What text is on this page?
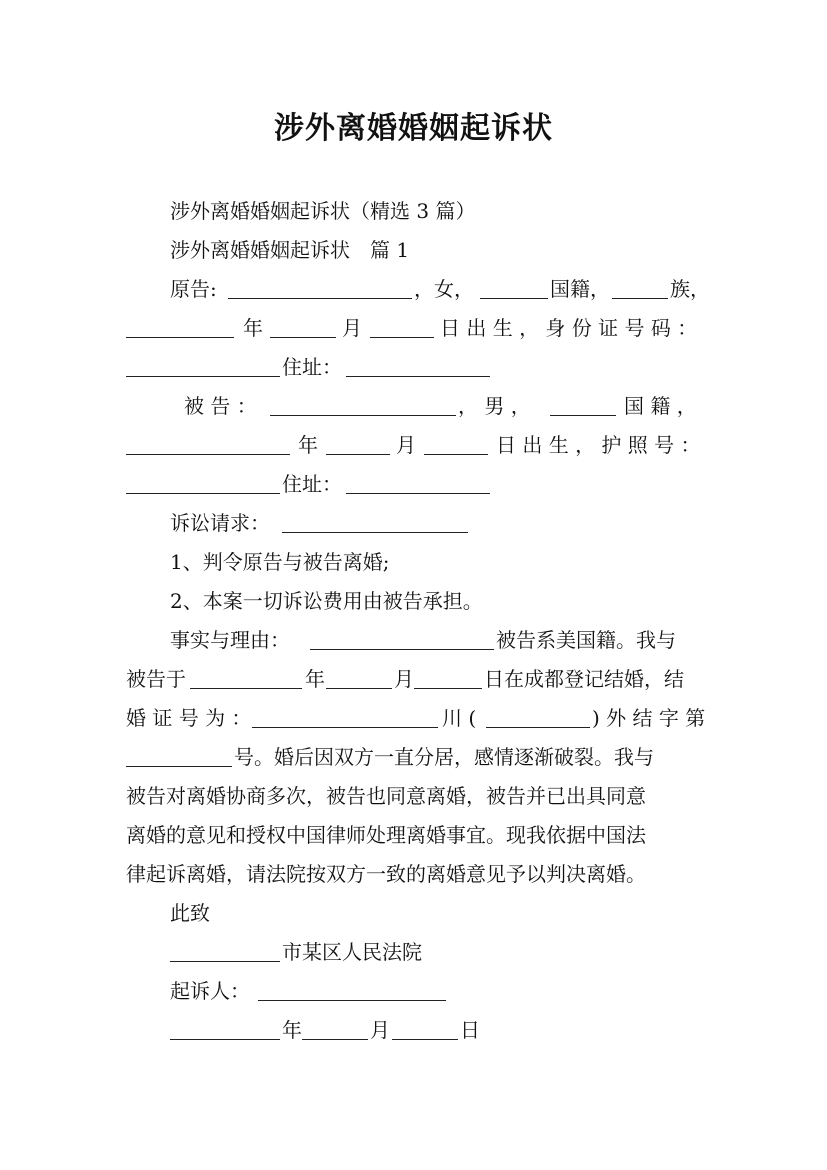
涉外离婚婚姻起诉状
涉外离婚婚姻起诉状（精选 3 篇）
涉外离婚婚姻起诉状　篇 1
原告:	，女，	国籍，	族，
年	月	日 出 生 ， 身 份 证 号 码 ：
住址：
被 告 ：	， 男 ，	国 籍 ，
年	月	日 出 生 ， 护 照 号 ：
住址：
诉讼请求：
1、判令原告与被告离婚;
2、本案一切诉讼费用由被告承担。
事实与理由：	被告系美国籍。我与
被告于	年	月	日在成都登记结婚，结
婚 证 号 为 ：	川 (	) 外 结 字 第
号。婚后因双方一直分居，感情逐渐破裂。我与
被告对离婚协商多次，被告也同意离婚，被告并已出具同意
离婚的意见和授权中国律师处理离婚事宜。现我依据中国法
律起诉离婚，请法院按双方一致的离婚意见予以判决离婚。
此致
市某区人民法院
起诉人：
年	月	日
